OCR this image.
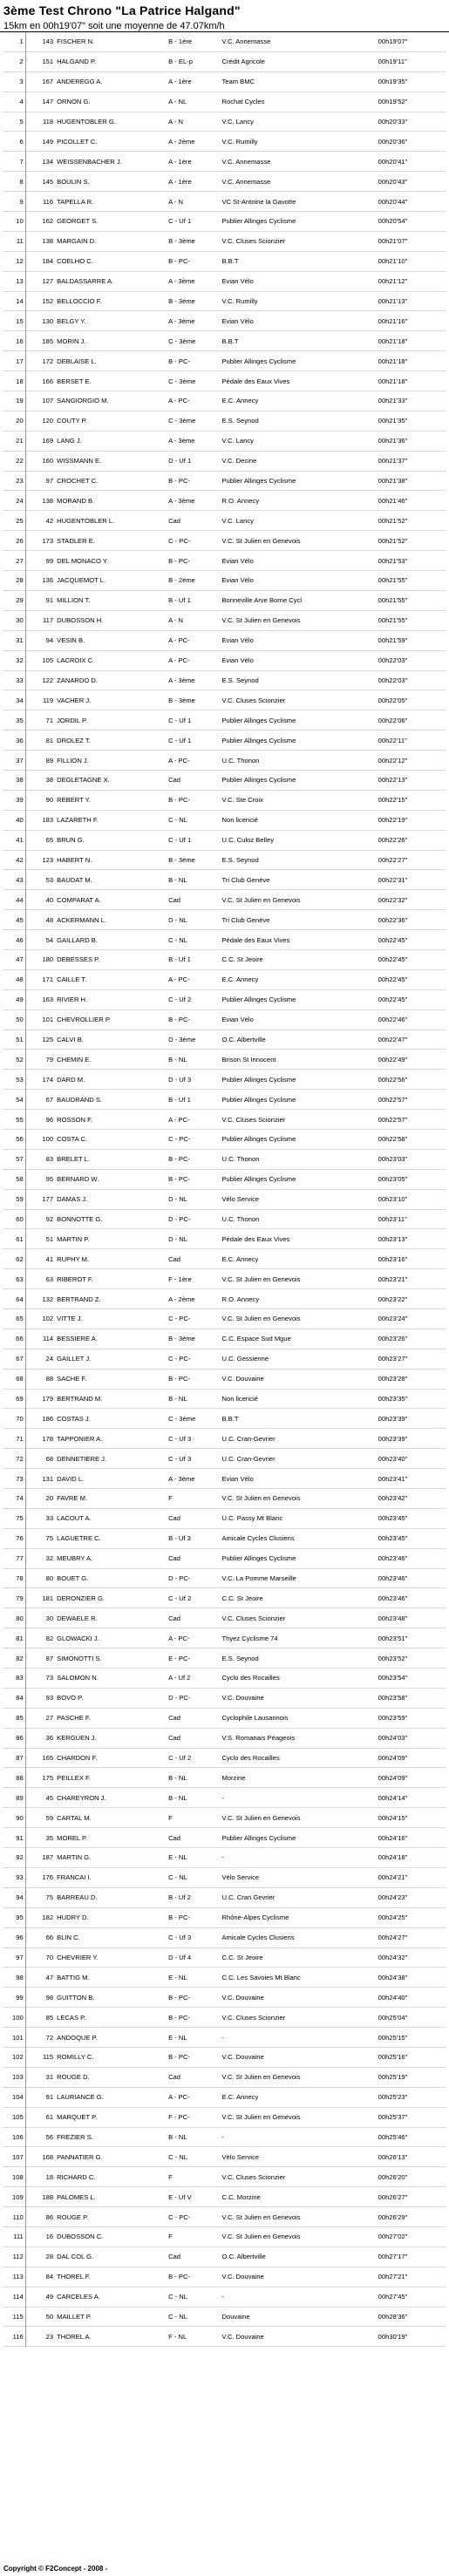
3ème Test Chrono "La Patrice Halgand"
15km en 00h19'07" soit une moyenne de 47.07km/h
1	143	FISCHER N.	B - 1ère	V.C. Annemasse	00h19'07"
2	151	HALGAND P.	B - EL-p	Crédit Agricole	00h19'11"
3	167	ANDEREGG A.	A - 1ère	Team BMC	00h19'35"
4	147	ORNON G.	A - NL	Rochat Cycles	00h19'52"
5	118	HUGENTOBLER G.	A - N	V.C. Lancy	00h20'33"
6	149	PICOLLET C.	A - 2ème	V.C. Rumilly	00h20'36"
7	134	WEISSENBACHER J.	A - 1ère	V.C. Annemasse	00h20'41"
8	145	BOULIN S.	A - 1ère	V.C. Annemasse	00h20'43"
9	116	TAPELLA R.	A - N	VC St-Antoine la Gavotte	00h20'44"
10	162	GEORGET S.	C - Uf 1	Publier Allinges Cyclisme	00h20'54"
11	138	MARGAIN D.	B - 3ème	V.C. Cluses Scionzier	00h21'07"
12	184	COELHO C.	B - PC-	B.B.T	00h21'10"
13	127	BALDASSARRE A.	A - 3ème	Evian Vélo	00h21'12"
14	152	BELLOCCIO F.	B - 3ème	V.C. Rumilly	00h21'13"
15	130	BELGY Y.	A - 3ème	Evian Vélo	00h21'16"
16	185	MORIN J.	C - 3ème	B.B.T	00h21'18"
17	172	DEBLAISE L.	B - PC-	Publier Allinges Cyclisme	00h21'18"
18	166	BERSET E.	C - 3ème	Pédale des Eaux Vives	00h21'18"
19	107	SANGIORGIO M.	A - PC-	E.C. Annecy	00h21'33"
20	120	COUTY P.	C - 3ème	E.S. Seynod	00h21'35"
21	169	LANG J.	A - 3ème	V.C. Lancy	00h21'36"
22	160	WISSMANN E.	D - Uf 1	V.C. Decine	00h21'37"
23	97	CROCHET C.	B - PC-	Publier Allinges Cyclisme	00h21'38"
24	138	MORAND B.	A - 3ème	R.O. Annecy	00h21'46"
25	42	HUGENTOBLER L.	Cad	V.C. Lancy	00h21'52"
26	173	STADLER E.	C - PC-	V.C. St Julien en Genevois	00h21'52"
27	99	DEL MONACO Y.	B - PC-	Evian Vélo	00h21'53"
28	136	JACQUEMOT L.	B - 2ème	Evian Vélo	00h21'55"
29	91	MILLION T.	B - Uf 1	Bonneville Arve Borne Cycl	00h21'55"
30	117	DUBOSSON H.	A - N	V.C. St Julien en Genevois	00h21'55"
31	94	VESIN B.	A - PC-	Evian Vélo	00h21'59"
32	105	LACROIX C.	A - PC-	Evian Vélo	00h22'03"
33	122	ZANARDO D.	A - 3ème	E.S. Seynod	00h22'03"
34	119	VACHER J.	B - 3ème	V.C. Cluses Scionzier	00h22'05"
35	71	JORDIL P.	C - Uf 1	Publier Allinges Cyclisme	00h22'06"
36	81	DROLEZ T.	C - Uf 1	Publier Allinges Cyclisme	00h22'11"
37	89	FILLION J.	A - PC-	U.C. Thonon	00h22'12"
38	38	DEGLETAGNE X.	Cad	Publier Allinges Cyclisme	00h22'13"
39	90	REBERT Y.	B - PC-	V.C. Ste Croix	00h22'15"
40	183	LAZARETH F.	C - NL	Non licencié	00h22'19"
41	65	BRUN G.	C - Uf 1	U.C. Culoz Belley	00h22'26"
42	123	HABERT N.	B - 3ème	E.S. Seynod	00h22'27"
43	53	BAUDAT M.	B - NL	Tri Club Genève	00h22'31"
44	40	COMPARAT A.	Cad	V.C. St Julien en Genevois	00h22'32"
45	48	ACKERMANN L.	D - NL	Tri Club Genève	00h22'36"
46	54	GAILLARD B.	C - NL	Pédale des Eaux Vives	00h22'45"
47	180	DEBESSES P.	B - Uf 1	C.C. St Jeoire	00h22'45"
48	171	CAILLE T.	A - PC-	E.C. Annecy	00h22'45"
49	163	RIVIER H.	C - Uf 2	Publier Allinges Cyclisme	00h22'45"
50	101	CHEVROLLIER P.	B - PC-	Evian Vélo	00h22'46"
51	125	CALVI B.	D - 3ème	O.C. Albertville	00h22'47"
52	79	CHEMIN E.	B - NL	Brison St Innocent	00h22'49"
53	174	DARD M.	D - Uf 3	Publier Allinges Cyclisme	00h22'56"
54	67	BAUDRAND S.	B - Uf 1	Publier Allinges Cyclisme	00h22'57"
55	96	ROSSON F.	A - PC-	V.C. Cluses Scionzier	00h22'57"
56	100	COSTA C.	C - PC-	Publier Allinges Cyclisme	00h22'58"
57	83	BRELET L.	B - PC-	U.C. Thonon	00h23'03"
58	95	BERNARD W.	B - PC-	Publier Allinges Cyclisme	00h23'05"
59	177	DAMAS J.	D - NL	Vélo Service	00h23'10"
60	92	BONNOTTE G.	D - PC-	U.C. Thonon	00h23'11"
61	51	MARTIN P.	D - NL	Pédale des Eaux Vives	00h23'13"
62	41	RUPHY M.	Cad	E.C. Annecy	00h23'16"
63	63	RIBEROT F.	F - 1ère	V.C. St Julien en Genevois	00h23'21"
64	132	BERTRAND Z.	A - 2ème	R.O. Annecy	00h23'22"
65	102	VITTE J.	C - PC-	V.C. St Julien en Genevois	00h23'24"
66	114	BESSIERE A.	B - 3ème	C.C. Espace Sud Mgue	00h23'26"
67	24	GAILLET J.	C - PC-	U.C. Gessienne	00h23'27"
68	88	SACHE F.	B - PC-	V.C. Douvaine	00h23'28"
69	179	BERTRAND M.	B - NL	Non licencié	00h23'35"
70	186	COSTAS J.	C - 3ème	B.B.T	00h23'39"
71	178	TAPPONIER A.	C - Uf 3	U.C. Cran-Gevrier	00h23'39"
72	68	DENNETIERE J.	C - Uf 3	U.C. Cran-Gevrier	00h23'40"
73	131	DAVID L.	A - 3ème	Evian Vélo	00h23'41"
74	20	FAVRE M.	F	V.C. St Julien en Genevois	00h23'42"
75	33	LACOUT A.	Cad	U.C. Passy Mt Blanc	00h23'45"
76	75	LAGUETRE C.	B - Uf 3	Amicale Cycles Clusiens	00h23'45"
77	32	MEUBRY A.	Cad	Publier Allinges Cyclisme	00h23'46"
78	80	BOUET G.	D - PC-	V.C. La Pomme Marseille	00h23'46"
79	181	DERONZIER G.	C - Uf 2	C.C. St Jeoire	00h23'46"
80	30	DEWAELE R.	Cad	V.C. Cluses Scionzier	00h23'48"
81	82	GLOWACKI J.	A - PC-	Thyez Cyclisme 74	00h23'51"
82	87	SIMONOTTI S.	E - PC-	E.S. Seynod	00h23'52"
83	73	SALOMON N.	A - Uf 2	Cyclo des Rocailles	00h23'54"
84	93	BOVO P.	D - PC-	V.C. Douvaine	00h23'58"
85	27	PASCHE F.	Cad	Cyclophile Lausannois	00h23'59"
86	36	KERGUEN J.	Cad	V.S. Romanais Péageois	00h24'03"
87	165	CHARDON F.	C - Uf 2	Cyclo des Rocailles	00h24'09"
88	175	PEILLEX F.	B - NL	Morzine	00h24'09"
89	45	CHAREYRON J.	B - NL	-	00h24'14"
90	59	CARTAL M.	F	V.C. St Julien en Genevois	00h24'15"
91	35	MOREL P.	Cad	Publier Allinges Cyclisme	00h24'16"
92	187	MARTIN G.	E - NL	-	00h24'18"
93	176	FRANCAI I.	C - NL	Vélo Service	00h24'21"
94	75	BARREAU D.	B - Uf 2	U.C. Cran Gevrier	00h24'23"
95	182	HUDRY D.	B - PC-	Rhône-Alpes Cyclisme	00h24'25"
96	66	BLIN C.	C - Uf 3	Amicale Cycles Clusiens	00h24'27"
97	70	CHEVRIER Y.	D - Uf 4	C.C. St Jeoire	00h24'32"
98	47	BATTIG M.	E - NL	C.C. Les Savoies Mt Blanc	00h24'38"
99	98	GUITTON B.	B - PC-	V.C. Douvaine	00h24'40"
100	85	LECAS P.	B - PC-	V.C. Cluses Scionzier	00h25'04"
101	72	ANDOQUE P.	E - NL	-	00h25'15"
102	115	ROMILLY C.	B - PC-	V.C. Douvaine	00h25'16"
103	31	ROUGE D.	Cad	V.C. St Julien en Genevois	00h25'19"
104	91	LAURIANCE G.	A - PC-	E.C. Annecy	00h25'23"
105	61	MARQUET P.	F - PC-	V.C. St Julien en Genevois	00h25'37"
106	56	FREZIER S.	B - NL	-	00h25'46"
107	168	PANNATIER G.	C - NL	Vélo Service	00h26'13"
108	18	RICHARD C.	F	V.C. Cluses Scionzier	00h26'20"
109	188	PALOMES L.	E - Uf V	C.C. Morzine	00h26'27"
110	86	ROUGE P.	C - PC-	V.C. St Julien en Genevois	00h26'29"
111	16	DUBOSSON C.	F	V.C. St Julien en Genevois	00h27'02"
112	28	DAL COL G.	Cad	O.C. Albertville	00h27'17"
113	84	THOREL F.	B - PC-	V.C. Douvaine	00h27'21"
114	49	CARCELES A.	C - NL	-	00h27'45"
115	50	MAILLET P.	C - NL	Douvaine	00h28'36"
116	23	THOREL A.	F - NL	V.C. Douvaine	00h30'19"
Copyright © F2Concept - 2008 -
